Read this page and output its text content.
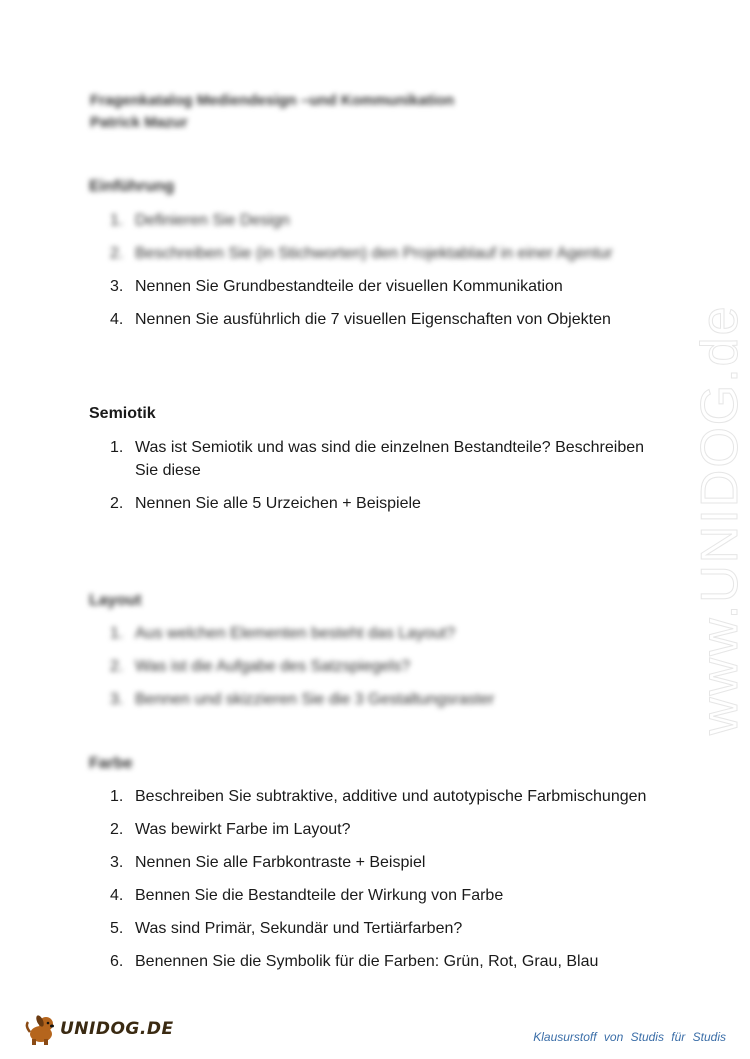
www.UNIDOG.de
Fragenkatalog Mediendesign –und Kommunikation
Patrick Mazur
Einführung
1. Definieren Sie Design
2. Beschreiben Sie (in Stichworten) den Projektablauf in einer Agentur
3. Nennen Sie Grundbestandteile der visuellen Kommunikation
4. Nennen Sie ausführlich die 7 visuellen Eigenschaften von Objekten
Semiotik
1. Was ist Semiotik und was sind die einzelnen Bestandteile? Beschreiben Sie diese
2. Nennen Sie alle 5 Urzeichen + Beispiele
Layout
1. Aus welchen Elementen besteht das Layout?
2. Was ist die Aufgabe des Satzspiegels?
3. Bennen und skizzieren Sie die 3 Gestaltungsraster
Farbe
1. Beschreiben Sie subtraktive, additive und autotypische Farbmischungen
2. Was bewirkt Farbe im Layout?
3. Nennen Sie alle Farbkontraste + Beispiel
4. Bennen Sie die Bestandteile der Wirkung von Farbe
5. Was sind Primär, Sekundär und Tertiärfarben?
6. Benennen Sie die Symbolik für die Farben: Grün, Rot, Grau, Blau
UNIDOG.DE	Klausurstoff von Studis für Studis
